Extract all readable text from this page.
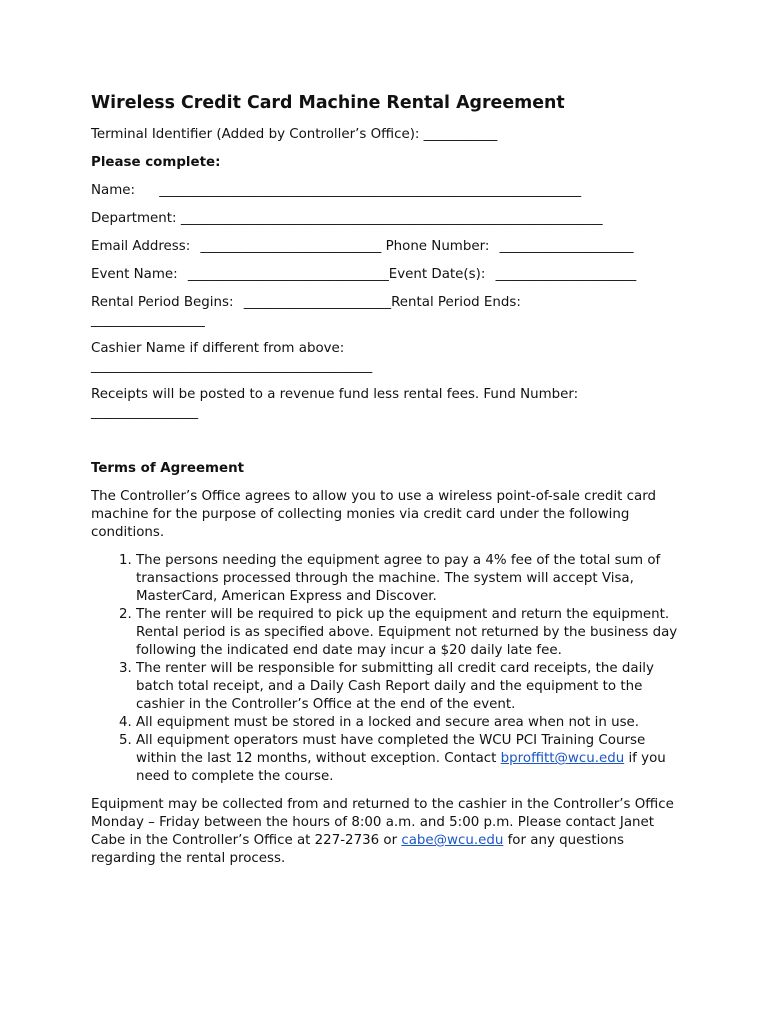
Wireless Credit Card Machine Rental Agreement

Terminal Identifier (Added by Controller’s Office): ___________

Please complete:

Name: _______________________________________________________________
Department: _______________________________________________________________
Email Address: ___________________________ Phone Number: ____________________
Event Name: ______________________________Event Date(s): _____________________
Rental Period Begins: ______________________Rental Period Ends:
_________________
Cashier Name if different from above:
__________________________________________
Receipts will be posted to a revenue fund less rental fees. Fund Number:
________________

Terms of Agreement

The Controller’s Office agrees to allow you to use a wireless point-of-sale credit card machine for the purpose of collecting monies via credit card under the following conditions.

1. The persons needing the equipment agree to pay a 4% fee of the total sum of transactions processed through the machine. The system will accept Visa, MasterCard, American Express and Discover.
2. The renter will be required to pick up the equipment and return the equipment. Rental period is as specified above. Equipment not returned by the business day following the indicated end date may incur a $20 daily late fee.
3. The renter will be responsible for submitting all credit card receipts, the daily batch total receipt, and a Daily Cash Report daily and the equipment to the cashier in the Controller’s Office at the end of the event.
4. All equipment must be stored in a locked and secure area when not in use.
5. All equipment operators must have completed the WCU PCI Training Course within the last 12 months, without exception. Contact bproffitt@wcu.edu if you need to complete the course.

Equipment may be collected from and returned to the cashier in the Controller’s Office Monday – Friday between the hours of 8:00 a.m. and 5:00 p.m. Please contact Janet Cabe in the Controller’s Office at 227-2736 or cabe@wcu.edu for any questions regarding the rental process.
